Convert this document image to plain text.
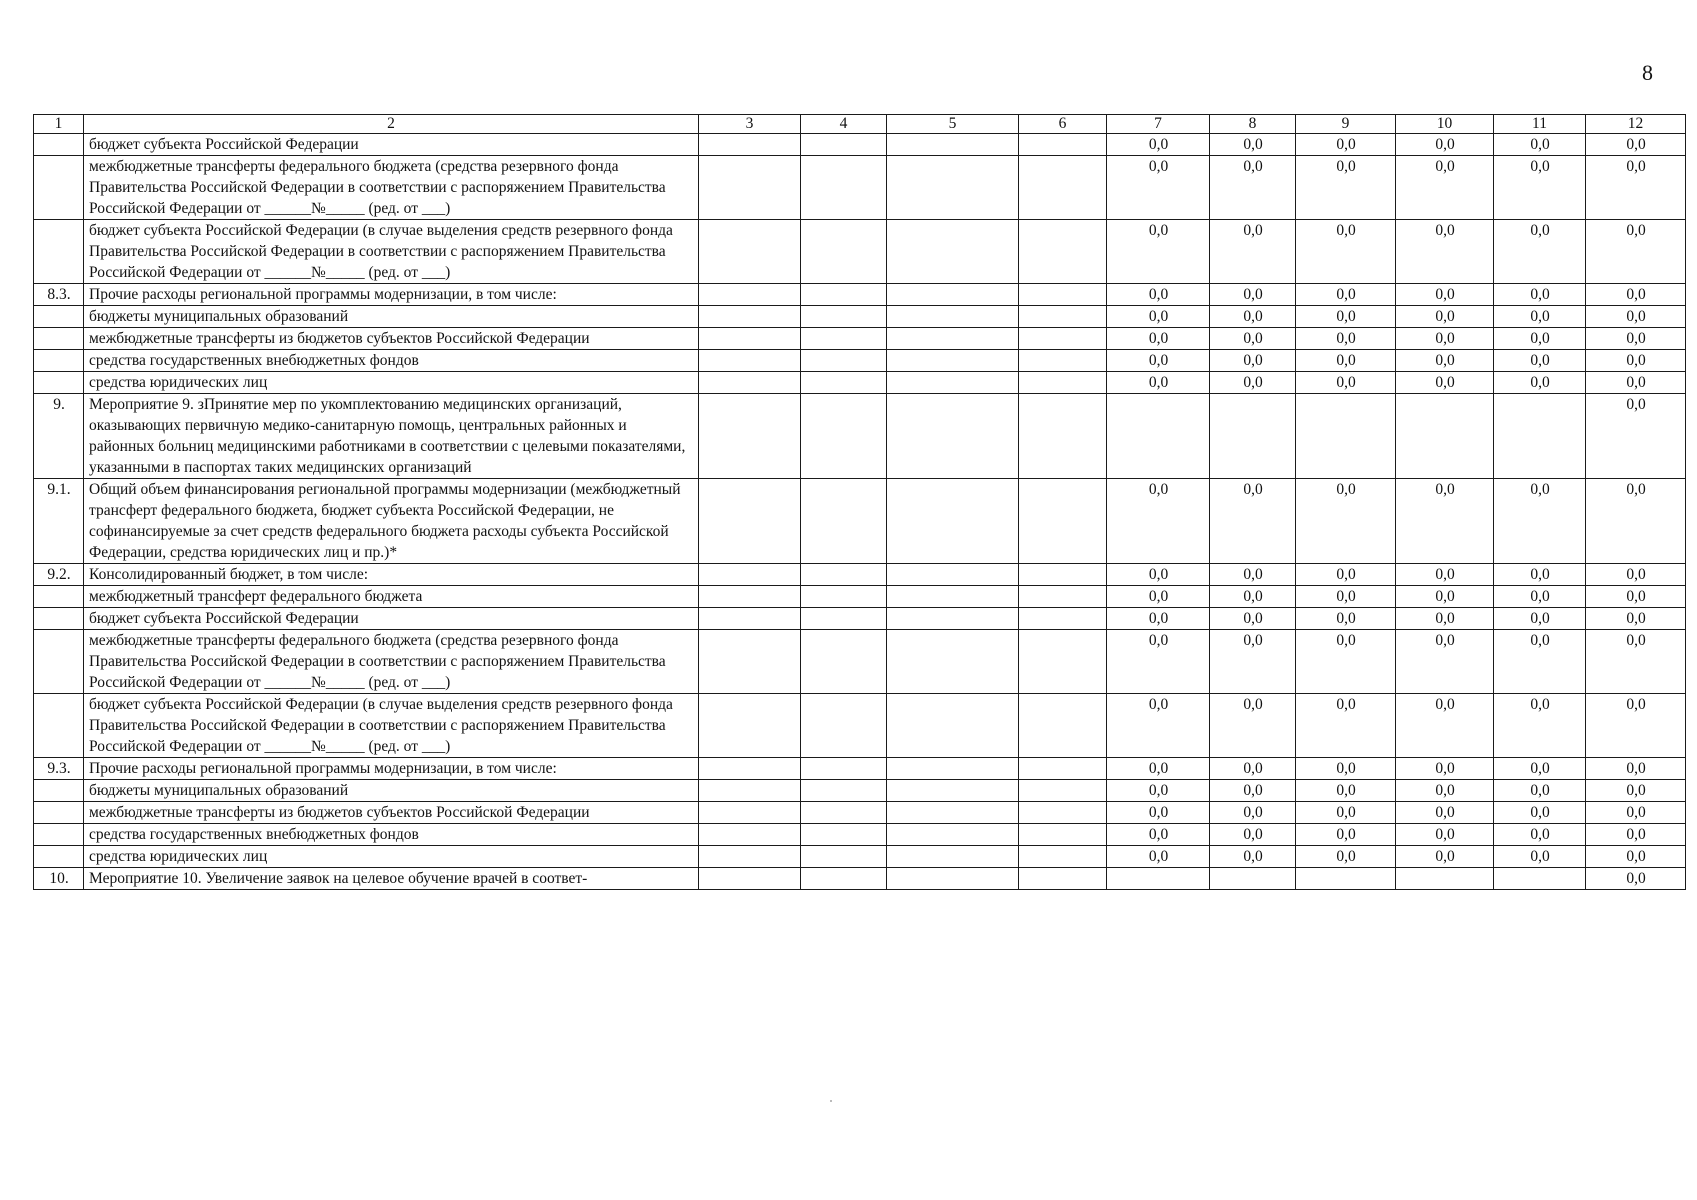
8
1	2	3	4	5	6	7	8	9	10	11	12
	бюджет субъекта Российской Федерации					0,0	0,0	0,0	0,0	0,0	0,0
	межбюджетные трансферты федерального бюджета (средства резервного фонда Правительства Российской Федерации в соответствии с распоряжением Правительства Российской Федерации от ______№_____ (ред. от ___)					0,0	0,0	0,0	0,0	0,0	0,0
	бюджет субъекта Российской Федерации (в случае выделения средств резервного фонда Правительства Российской Федерации в соответствии с распоряжением Правительства Российской Федерации от ______№_____ (ред. от ___)					0,0	0,0	0,0	0,0	0,0	0,0
8.3.	Прочие расходы региональной программы модернизации, в том числе:					0,0	0,0	0,0	0,0	0,0	0,0
	бюджеты муниципальных образований					0,0	0,0	0,0	0,0	0,0	0,0
	межбюджетные трансферты из бюджетов субъектов Российской Федерации					0,0	0,0	0,0	0,0	0,0	0,0
	средства государственных внебюджетных фондов					0,0	0,0	0,0	0,0	0,0	0,0
	средства юридических лиц					0,0	0,0	0,0	0,0	0,0	0,0
9.	Мероприятие 9. зПринятие мер по укомплектованию медицинских организаций, оказывающих первичную медико-санитарную помощь, центральных районных и районных больниц медицинскими работниками в соответствии с целевыми показателями, указанными в паспортах таких медицинских организаций										0,0
9.1.	Общий объем финансирования региональной программы модернизации (межбюджетный трансферт федерального бюджета, бюджет субъекта Российской Федерации, не софинансируемые за счет средств федерального бюджета расходы субъекта Российской Федерации, средства юридических лиц и пр.)*					0,0	0,0	0,0	0,0	0,0	0,0
9.2.	Консолидированный бюджет, в том числе:					0,0	0,0	0,0	0,0	0,0	0,0
	межбюджетный трансферт федерального бюджета					0,0	0,0	0,0	0,0	0,0	0,0
	бюджет субъекта Российской Федерации					0,0	0,0	0,0	0,0	0,0	0,0
	межбюджетные трансферты федерального бюджета (средства резервного фонда Правительства Российской Федерации в соответствии с распоряжением Правительства Российской Федерации от ______№_____ (ред. от ___)					0,0	0,0	0,0	0,0	0,0	0,0
	бюджет субъекта Российской Федерации (в случае выделения средств резервного фонда Правительства Российской Федерации в соответствии с распоряжением Правительства Российской Федерации от ______№_____ (ред. от ___)					0,0	0,0	0,0	0,0	0,0	0,0
9.3.	Прочие расходы региональной программы модернизации, в том числе:					0,0	0,0	0,0	0,0	0,0	0,0
	бюджеты муниципальных образований					0,0	0,0	0,0	0,0	0,0	0,0
	межбюджетные трансферты из бюджетов субъектов Российской Федерации					0,0	0,0	0,0	0,0	0,0	0,0
	средства государственных внебюджетных фондов					0,0	0,0	0,0	0,0	0,0	0,0
	средства юридических лиц					0,0	0,0	0,0	0,0	0,0	0,0
10.	Мероприятие 10. Увеличение заявок на целевое обучение врачей в соответ-										0,0
